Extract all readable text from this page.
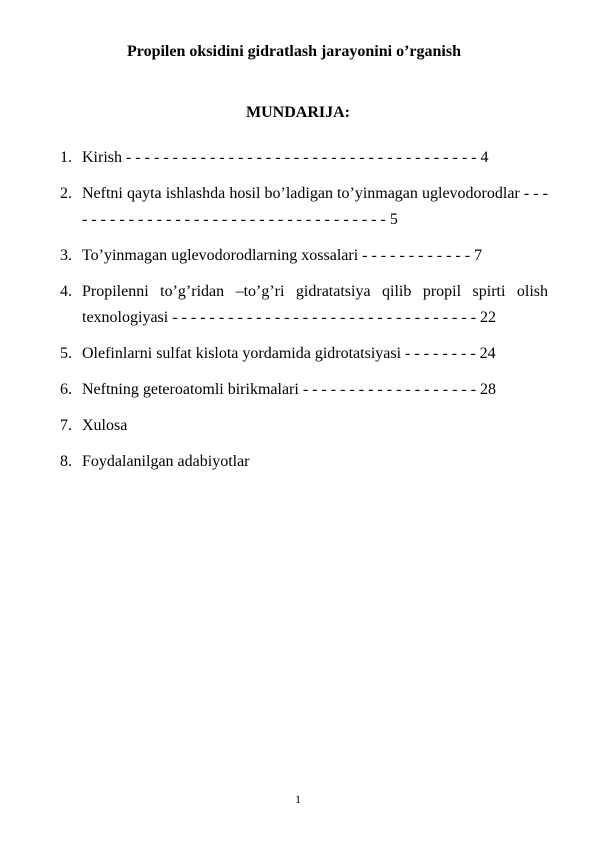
Propilen oksidini gidratlash jarayonini o’rganish
MUNDARIJA:
1. Kirish - - - - - - - - - - - - - - - - - - - - - - - - - - - - - - - - - - - - - - 4
2. Neftni qayta ishlashda hosil bo’ladigan to’yinmagan uglevodorodlar - - - - - - - - - - - - - - - - - - - - - - - - - - - - - - - - - - - - 5
3. To’yinmagan uglevodorodlarning xossalari - - - - - - - - - - - - 7
4. Propilenni to’g’ridan –to’g’ri gidratatsiya qilib propil spirti olish texnologiyasi - - - - - - - - - - - - - - - - - - - - - - - - - - - - - - - - - 22
5. Olefinlarni sulfat kislota yordamida gidrotatsiyasi - - - - - - - - 24
6. Neftning geteroatomli birikmalari - - - - - - - - - - - - - - - - - - - 28
7. Xulosa
8. Foydalanilgan adabiyotlar
1
